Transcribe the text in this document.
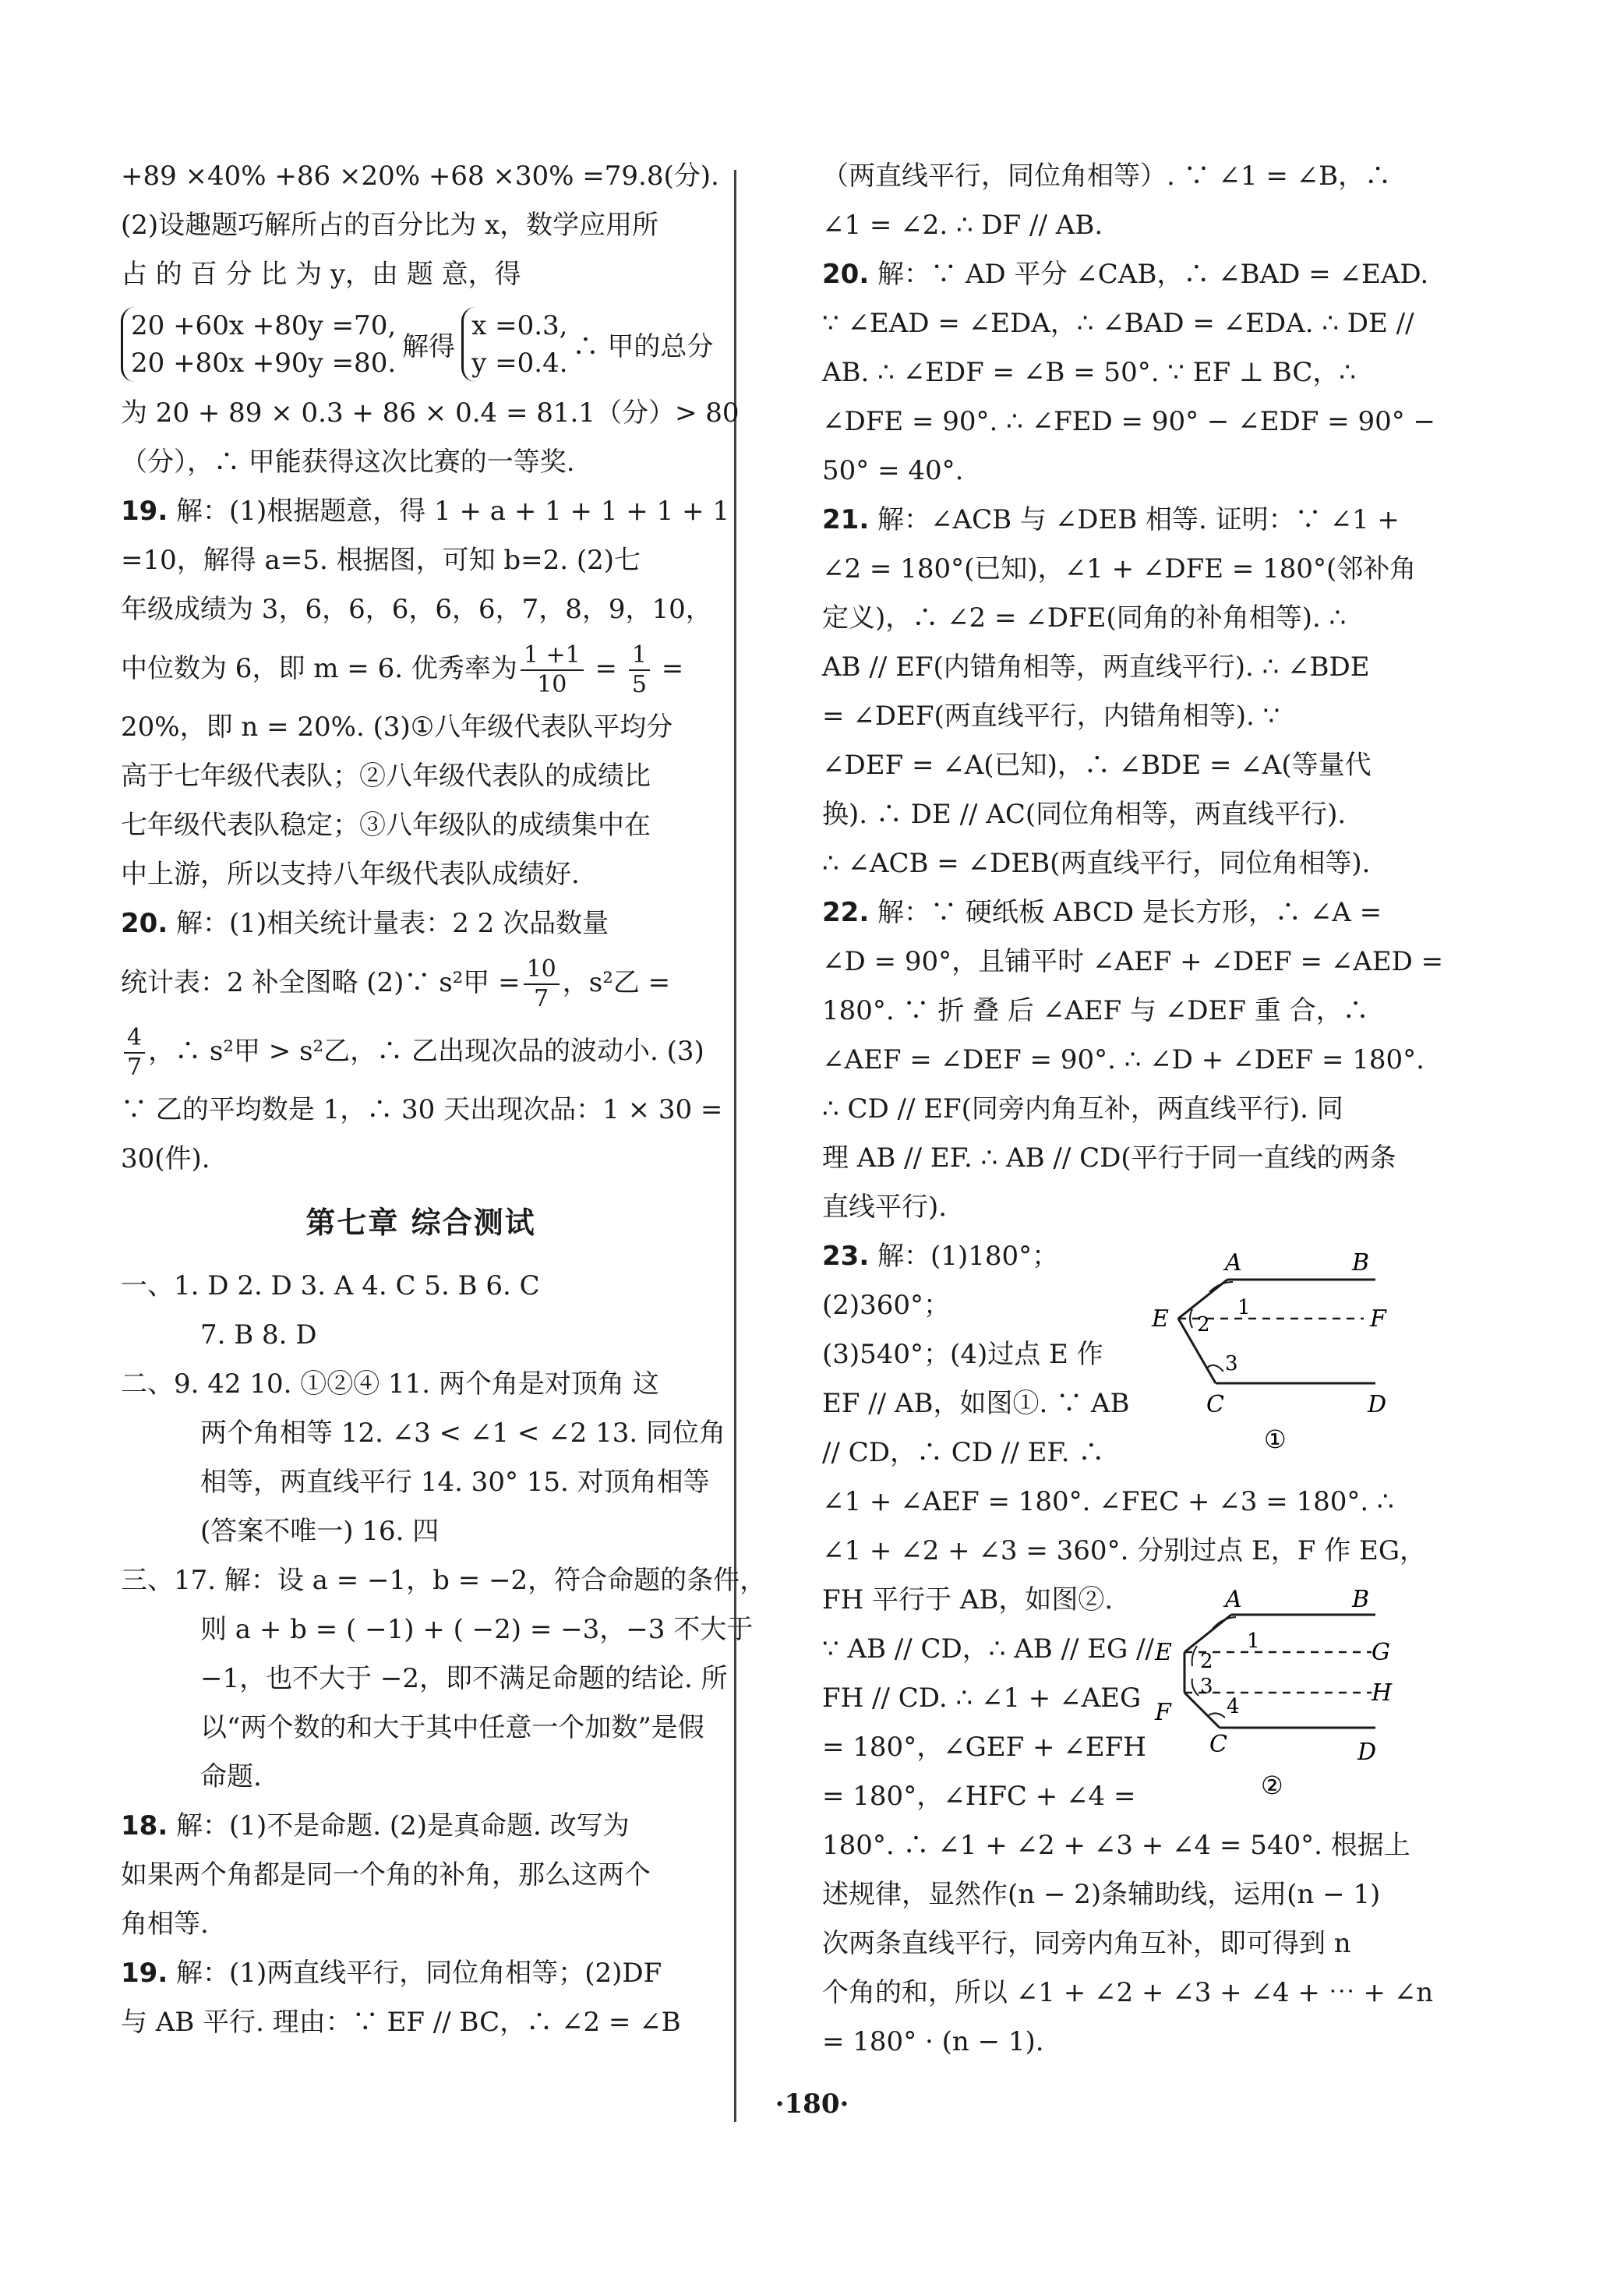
+89 ×40% +86 ×20% +68 ×30% =79.8(分).
(2)设趣题巧解所占的百分比为 x，数学应用所
占 的 百 分 比 为 y，由 题 意，得
20 +60x +80y =70,
20 +80x +90y =80.
解得
x =0.3,
y =0.4.
∴ 甲的总分
为 20 + 89 × 0.3 + 86 × 0.4 = 81.1（分）> 80
（分），∴ 甲能获得这次比赛的一等奖.
19. 解：(1)根据题意，得 1 + a + 1 + 1 + 1 + 1
=10，解得 a=5. 根据图，可知 b=2. (2)七
年级成绩为 3，6，6，6，6，6，7，8，9，10，
中位数为 6，即 m = 6. 优秀率为 $\frac{1 +1}{10} = \frac{1}{5}$ =
20%，即 n = 20%. (3)①八年级代表队平均分
高于七年级代表队；②八年级代表队的成绩比
七年级代表队稳定；③八年级队的成绩集中在
中上游，所以支持八年级代表队成绩好.
20. 解：(1)相关统计量表：2 2 次品数量
统计表：2 补全图略 (2)∵ s²甲 = $\frac{10}{7}$ ，s²乙 =
$\frac{4}{7}$ ，∴ s²甲 > s²乙，∴ 乙出现次品的波动小. (3)
∵ 乙的平均数是 1，∴ 30 天出现次品：1 × 30 =
30(件).
第七章 综合测试
一、1. D 2. D 3. A 4. C 5. B 6. C
7. B 8. D
二、9. 42 10. ①②④ 11. 两个角是对顶角 这
两个角相等 12. ∠3 < ∠1 < ∠2 13. 同位角
相等，两直线平行 14. 30° 15. 对顶角相等
(答案不唯一) 16. 四
三、17. 解：设 a = −1，b = −2，符合命题的条件，
则 a + b = ( −1) + ( −2) = −3，−3 不大于
−1，也不大于 −2，即不满足命题的结论. 所
以“两个数的和大于其中任意一个加数”是假
命题.
18. 解：(1)不是命题. (2)是真命题. 改写为
如果两个角都是同一个角的补角，那么这两个
角相等.
19. 解：(1)两直线平行，同位角相等；(2)DF
与 AB 平行. 理由：∵ EF // BC，∴ ∠2 = ∠B
（两直线平行，同位角相等）. ∵ ∠1 = ∠B，∴
∠1 = ∠2. ∴ DF // AB.
20. 解：∵ AD 平分 ∠CAB，∴ ∠BAD = ∠EAD.
∵ ∠EAD = ∠EDA，∴ ∠BAD = ∠EDA. ∴ DE //
AB. ∴ ∠EDF = ∠B = 50°. ∵ EF ⊥ BC，∴
∠DFE = 90°. ∴ ∠FED = 90° − ∠EDF = 90° −
50° = 40°.
21. 解：∠ACB 与 ∠DEB 相等. 证明：∵ ∠1 +
∠2 = 180°(已知)，∠1 + ∠DFE = 180°(邻补角
定义)，∴ ∠2 = ∠DFE(同角的补角相等). ∴
AB // EF(内错角相等，两直线平行). ∴ ∠BDE
= ∠DEF(两直线平行，内错角相等). ∵
∠DEF = ∠A(已知)，∴ ∠BDE = ∠A(等量代
换). ∴ DE // AC(同位角相等，两直线平行).
∴ ∠ACB = ∠DEB(两直线平行，同位角相等).
22. 解：∵ 硬纸板 ABCD 是长方形，∴ ∠A =
∠D = 90°，且铺平时 ∠AEF + ∠DEF = ∠AED =
180°. ∵ 折 叠 后 ∠AEF 与 ∠DEF 重 合，∴
∠AEF = ∠DEF = 90°. ∴ ∠D + ∠DEF = 180°.
∴ CD // EF(同旁内角互补，两直线平行). 同
理 AB // EF. ∴ AB // CD(平行于同一直线的两条
直线平行).
23. 解：(1)180°；
(2)360°；
(3)540°；(4)过点 E 作
EF // AB，如图①. ∵ AB
// CD，∴ CD // EF. ∴
∠1 + ∠AEF = 180°. ∠FEC + ∠3 = 180°. ∴
∠1 + ∠2 + ∠3 = 360°. 分别过点 E，F 作 EG，
FH 平行于 AB，如图②.
∵ AB // CD，∴ AB // EG //
FH // CD. ∴ ∠1 + ∠AEG
= 180°，∠GEF + ∠EFH
= 180°，∠HFC + ∠4 =
180°. ∴ ∠1 + ∠2 + ∠3 + ∠4 = 540°. 根据上
述规律，显然作(n − 2)条辅助线，运用(n − 1)
次两条直线平行，同旁内角互补，即可得到 n
个角的和，所以 ∠1 + ∠2 + ∠3 + ∠4 + ⋯ + ∠n
= 180° · (n − 1).
A	B
E	F
C	D
1
2
3
①
A	B
E	G
F
H
C	D
1
2
3
4
②
·180·
